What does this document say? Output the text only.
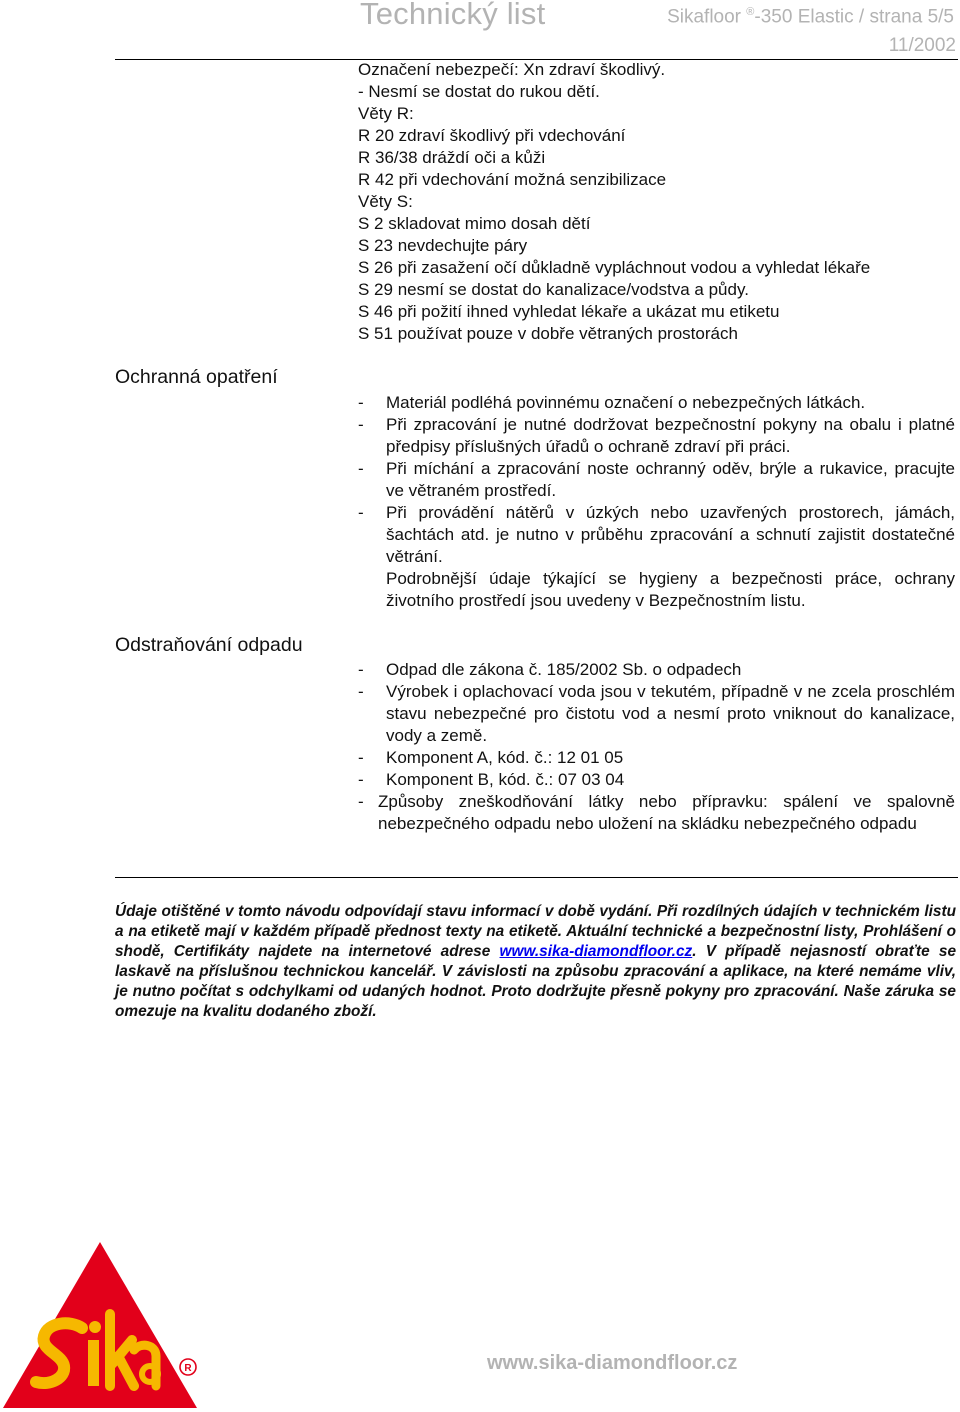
Technický list	Sikafloor ®-350 Elastic / strana 5/5
11/2002
Označení nebezpečí: Xn zdraví škodlivý.
- Nesmí se dostat do rukou dětí.
Věty R:
R 20 zdraví škodlivý při vdechování
R 36/38 dráždí oči a kůži
R 42 při vdechování možná senzibilizace
Věty S:
S 2 skladovat mimo dosah dětí
S 23 nevdechujte páry
S 26 při zasažení očí důkladně vypláchnout vodou a vyhledat lékaře
S 29 nesmí se dostat do kanalizace/vodstva a půdy.
S 46 při požití ihned vyhledat lékaře a ukázat mu etiketu
S 51 používat pouze v dobře větraných prostorách
Ochranná opatření
-	Materiál podléhá povinnému označení o nebezpečných látkách.
-	Při zpracování je nutné dodržovat bezpečnostní pokyny na obalu i platné předpisy příslušných úřadů o ochraně zdraví při práci.
-	Při míchání a zpracování noste ochranný oděv, brýle a rukavice, pracujte ve větraném prostředí.
-	Při provádění nátěrů v úzkých nebo uzavřených prostorech, jámách, šachtách atd. je nutno v průběhu zpracování a schnutí zajistit dostatečné větrání.
Podrobnější údaje týkající se hygieny a bezpečnosti práce, ochrany životního prostředí jsou uvedeny v Bezpečnostním listu.
Odstraňování odpadu
-	Odpad dle zákona č. 185/2002 Sb. o odpadech
-	Výrobek i oplachovací voda jsou v tekutém, případně v ne zcela proschlém stavu nebezpečné pro čistotu vod a nesmí proto vniknout do kanalizace, vody a země.
-	Komponent A, kód. č.: 12 01 05
-	Komponent B, kód. č.: 07 03 04
- Způsoby zneškodňování látky nebo přípravku: spálení ve spalovně nebezpečného odpadu nebo uložení na skládku nebezpečného odpadu
Údaje otištěné v tomto návodu odpovídají stavu informací v době vydání. Při rozdílných údajích v technickém listu a na etiketě mají v každém případě přednost texty na etiketě. Aktuální technické a bezpečnostní listy, Prohlášení o shodě, Certifikáty najdete na internetové adrese www.sika-diamondfloor.cz. V případě nejasností obraťte se laskavě na příslušnou technickou kancelář. V závislosti na způsobu zpracování a aplikace, na které nemáme vliv, je nutno počítat s odchylkami od udaných hodnot. Proto dodržujte přesně pokyny pro zpracování. Naše záruka se omezuje na kvalitu dodaného zboží.
R	www.sika-diamondfloor.cz
